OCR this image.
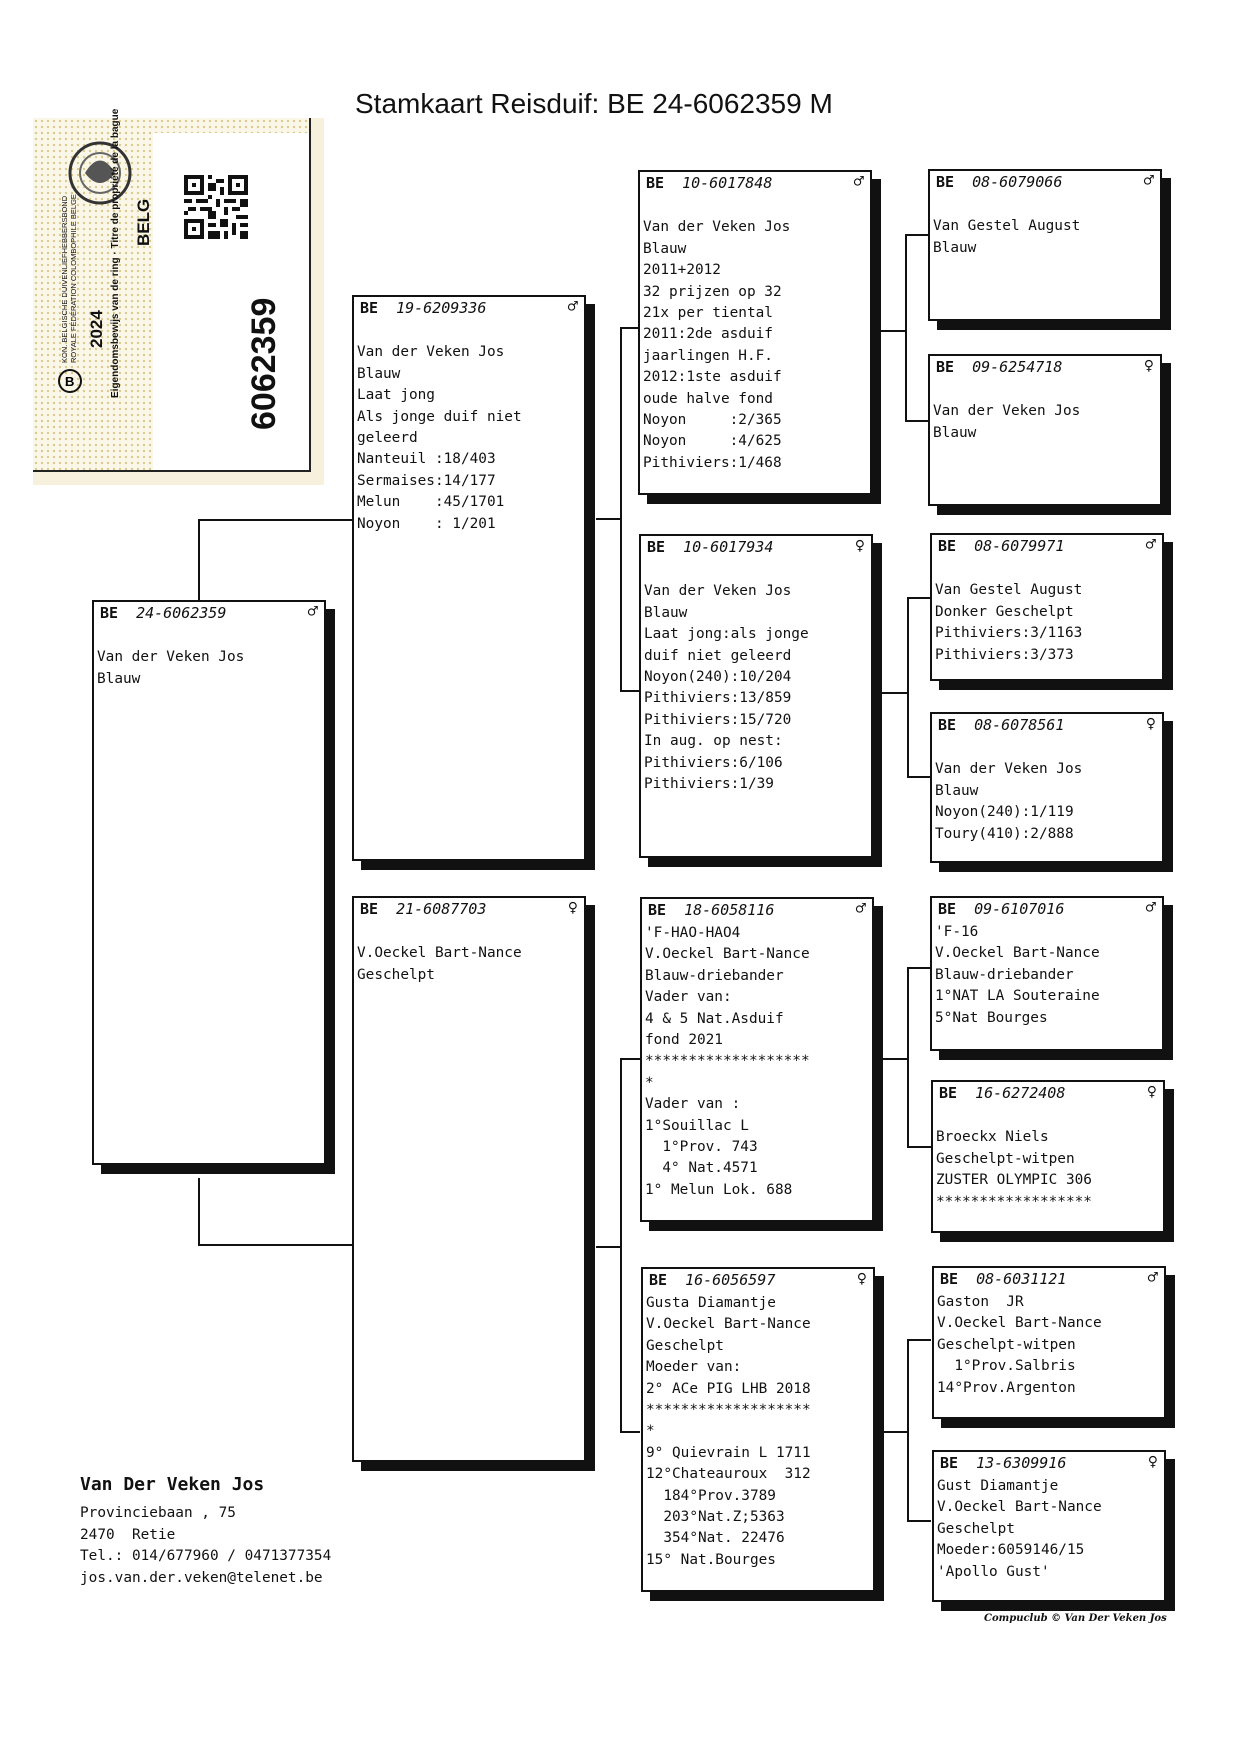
Stamkaart Reisduif: BE 24-6062359 M
B
KON. BELGISCHE DUIVENLIEFHEBBERSBOND ROYALE FÉDÉRATION COLOMBOPHILE BELGE 2024 Eigendomsbewijs van de ring · Titre de propriété de la bague BELG
6062359
BE 24-6062359	♂

Van der Veken Jos
Blauw
BE 19-6209336	♂

Van der Veken Jos
Blauw
Laat jong
Als jonge duif niet
geleerd
Nanteuil :18/403
Sermaises:14/177
Melun    :45/1701
Noyon    : 1/201
BE 21-6087703	♀

V.Oeckel Bart-Nance
Geschelpt
BE 10-6017848	♂

Van der Veken Jos
Blauw
2011+2012
32 prijzen op 32
21x per tiental
2011:2de asduif
jaarlingen H.F.
2012:1ste asduif
oude halve fond
Noyon     :2/365
Noyon     :4/625
Pithiviers:1/468
BE 10-6017934	♀

Van der Veken Jos
Blauw
Laat jong:als jonge
duif niet geleerd
Noyon(240):10/204
Pithiviers:13/859
Pithiviers:15/720
In aug. op nest:
Pithiviers:6/106
Pithiviers:1/39
BE 18-6058116	♂
'F-HAO-HAO4
V.Oeckel Bart-Nance
Blauw-driebander
Vader van:
4 & 5 Nat.Asduif
fond 2021
*******************
*
Vader van :
1°Souillac L
1°Prov. 743
4° Nat.4571
1° Melun Lok. 688
BE 16-6056597	♀
Gusta Diamantje
V.Oeckel Bart-Nance
Geschelpt
Moeder van:
2° ACe PIG LHB 2018
*******************
*
9° Quievrain L 1711
12°Chateauroux  312
184°Prov.3789
203°Nat.Z;5363
354°Nat. 22476
15° Nat.Bourges
BE 08-6079066	♂

Van Gestel August
Blauw
BE 09-6254718	♀

Van der Veken Jos
Blauw
BE 08-6079971	♂

Van Gestel August
Donker Geschelpt
Pithiviers:3/1163
Pithiviers:3/373
BE 08-6078561	♀

Van der Veken Jos
Blauw
Noyon(240):1/119
Toury(410):2/888
BE 09-6107016	♂
'F-16
V.Oeckel Bart-Nance
Blauw-driebander
1°NAT LA Souteraine
5°Nat Bourges
BE 16-6272408	♀

Broeckx Niels
Geschelpt-witpen
ZUSTER OLYMPIC 306
******************
BE 08-6031121	♂
Gaston  JR
V.Oeckel Bart-Nance
Geschelpt-witpen
1°Prov.Salbris
14°Prov.Argenton
BE 13-6309916	♀
Gust Diamantje
V.Oeckel Bart-Nance
Geschelpt
Moeder:6059146/15
'Apollo Gust'
Van Der Veken Jos
Provinciebaan , 75
2470  Retie
Tel.: 014/677960 / 0471377354
jos.van.der.veken@telenet.be
Compuclub © Van Der Veken Jos
